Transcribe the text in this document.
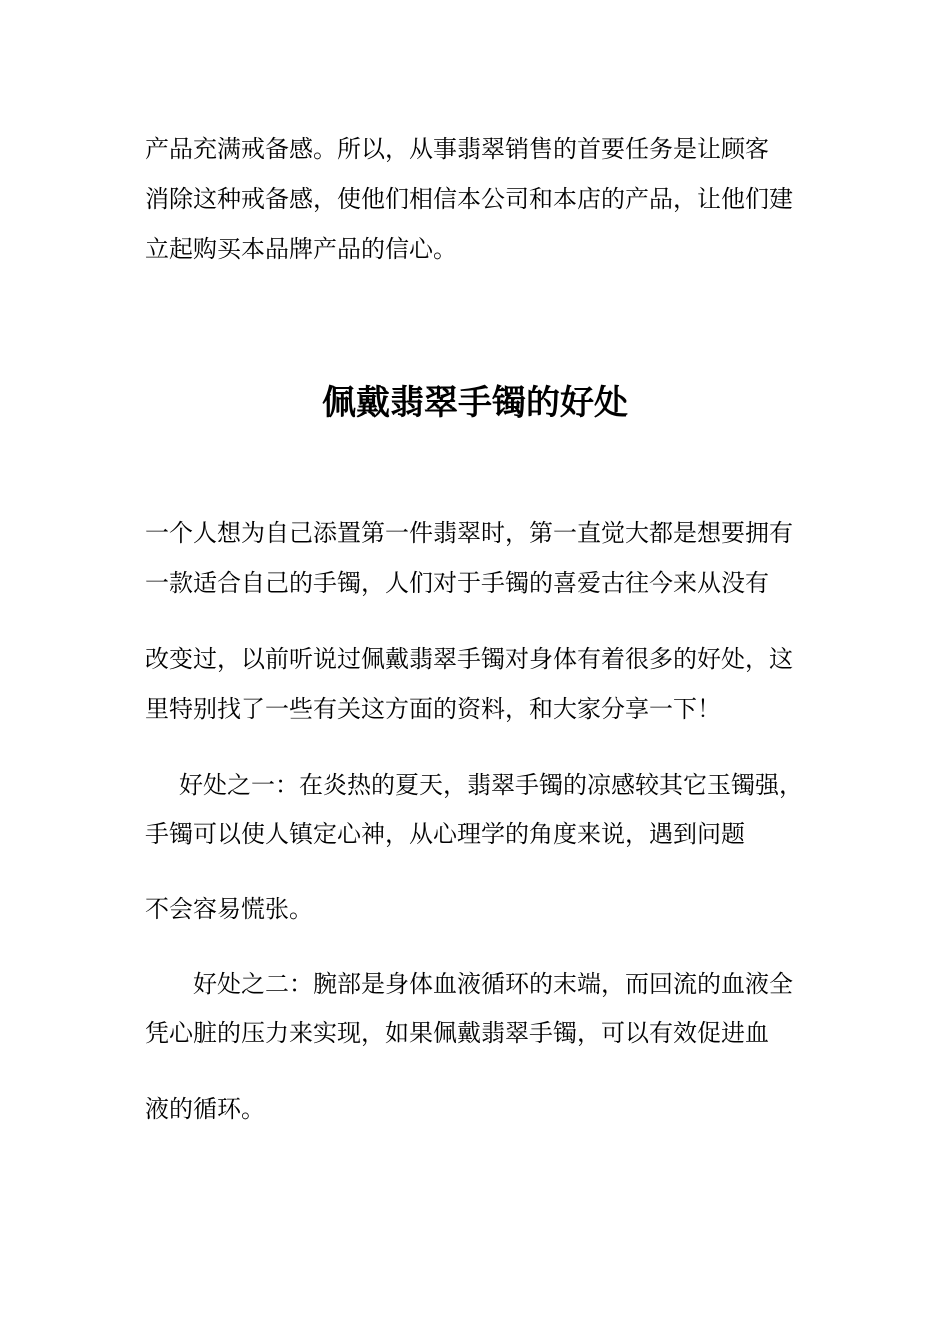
产品充满戒备感。所以，从事翡翠销售的首要任务是让顾客
消除这种戒备感，使他们相信本公司和本店的产品，让他们建
立起购买本品牌产品的信心。
佩戴翡翠手镯的好处
一个人想为自己添置第一件翡翠时，第一直觉大都是想要拥有
一款适合自己的手镯，人们对于手镯的喜爱古往今来从没有
改变过，以前听说过佩戴翡翠手镯对身体有着很多的好处，这
里特别找了一些有关这方面的资料，和大家分享一下！
好处之一：在炎热的夏天，翡翠手镯的凉感较其它玉镯强，
手镯可以使人镇定心神，从心理学的角度来说，遇到问题
不会容易慌张。
好处之二：腕部是身体血液循环的末端，而回流的血液全
凭心脏的压力来实现，如果佩戴翡翠手镯，可以有效促进血
液的循环。
